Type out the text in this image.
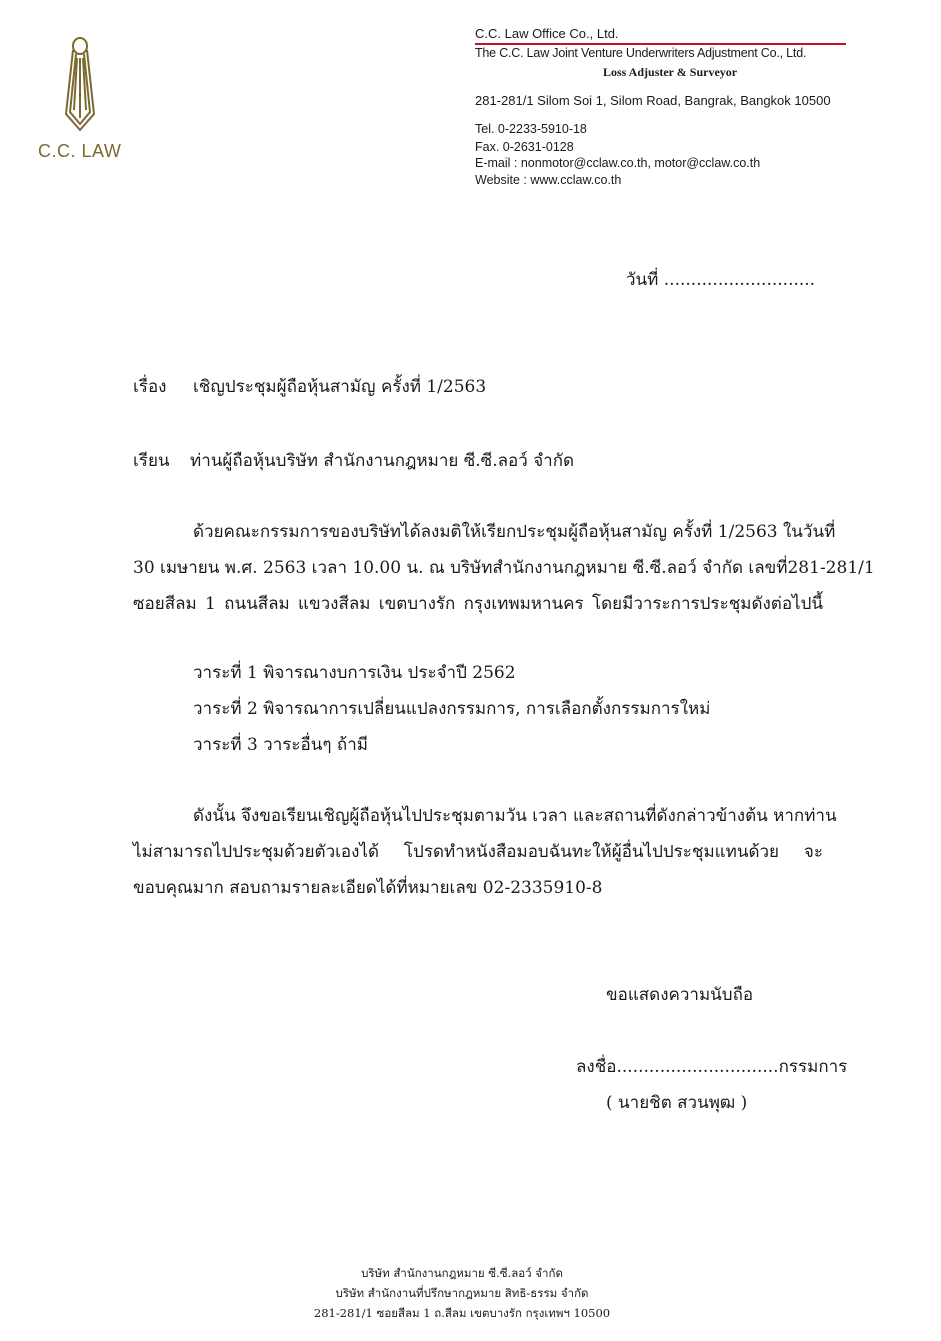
C.C. LAW
C.C. Law Office Co., Ltd.
The C.C. Law Joint Venture Underwriters Adjustment Co., Ltd.
Loss Adjuster & Surveyor
281-281/1 Silom Soi 1, Silom Road, Bangrak, Bangkok 10500
Tel. 0-2233-5910-18
Fax. 0-2631-0128
E-mail : nonmotor@cclaw.co.th, motor@cclaw.co.th
Website : www.cclaw.co.th
วันที่ ............................
เรื่อง เชิญประชุมผู้ถือหุ้นสามัญ ครั้งที่ 1/2563
เรียน ท่านผู้ถือหุ้นบริษัท สำนักงานกฎหมาย ซี.ซี.ลอว์ จำกัด
ด้วยคณะกรรมการของบริษัทได้ลงมติให้เรียกประชุมผู้ถือหุ้นสามัญ ครั้งที่ 1/2563 ในวันที่
30 เมษายน พ.ศ. 2563 เวลา 10.00 น. ณ บริษัทสำนักงานกฎหมาย ซี.ซี.ลอว์ จำกัด เลขที่281-281/1
ซอยสีลม 1 ถนนสีลม แขวงสีลม เขตบางรัก กรุงเทพมหานคร โดยมีวาระการประชุมดังต่อไปนี้
วาระที่ 1 พิจารณางบการเงิน ประจำปี 2562
วาระที่ 2 พิจารณาการเปลี่ยนแปลงกรรมการ, การเลือกตั้งกรรมการใหม่
วาระที่ 3 วาระอื่นๆ ถ้ามี
ดังนั้น จึงขอเรียนเชิญผู้ถือหุ้นไปประชุมตามวัน เวลา และสถานที่ดังกล่าวข้างต้น หากท่าน
ไม่สามารถไปประชุมด้วยตัวเองได้ โปรดทำหนังสือมอบฉันทะให้ผู้อื่นไปประชุมแทนด้วย จะ
ขอบคุณมาก สอบถามรายละเอียดได้ที่หมายเลข 02-2335910-8
ขอแสดงความนับถือ
ลงชื่อ..............................กรรมการ
( นายชิต สวนพุฒ )
บริษัท สำนักงานกฎหมาย ซี.ซี.ลอว์ จำกัด
บริษัท สำนักงานที่ปรึกษากฎหมาย สิทธิ-ธรรม จำกัด
281-281/1 ซอยสีลม 1 ถ.สีลม เขตบางรัก กรุงเทพฯ 10500
